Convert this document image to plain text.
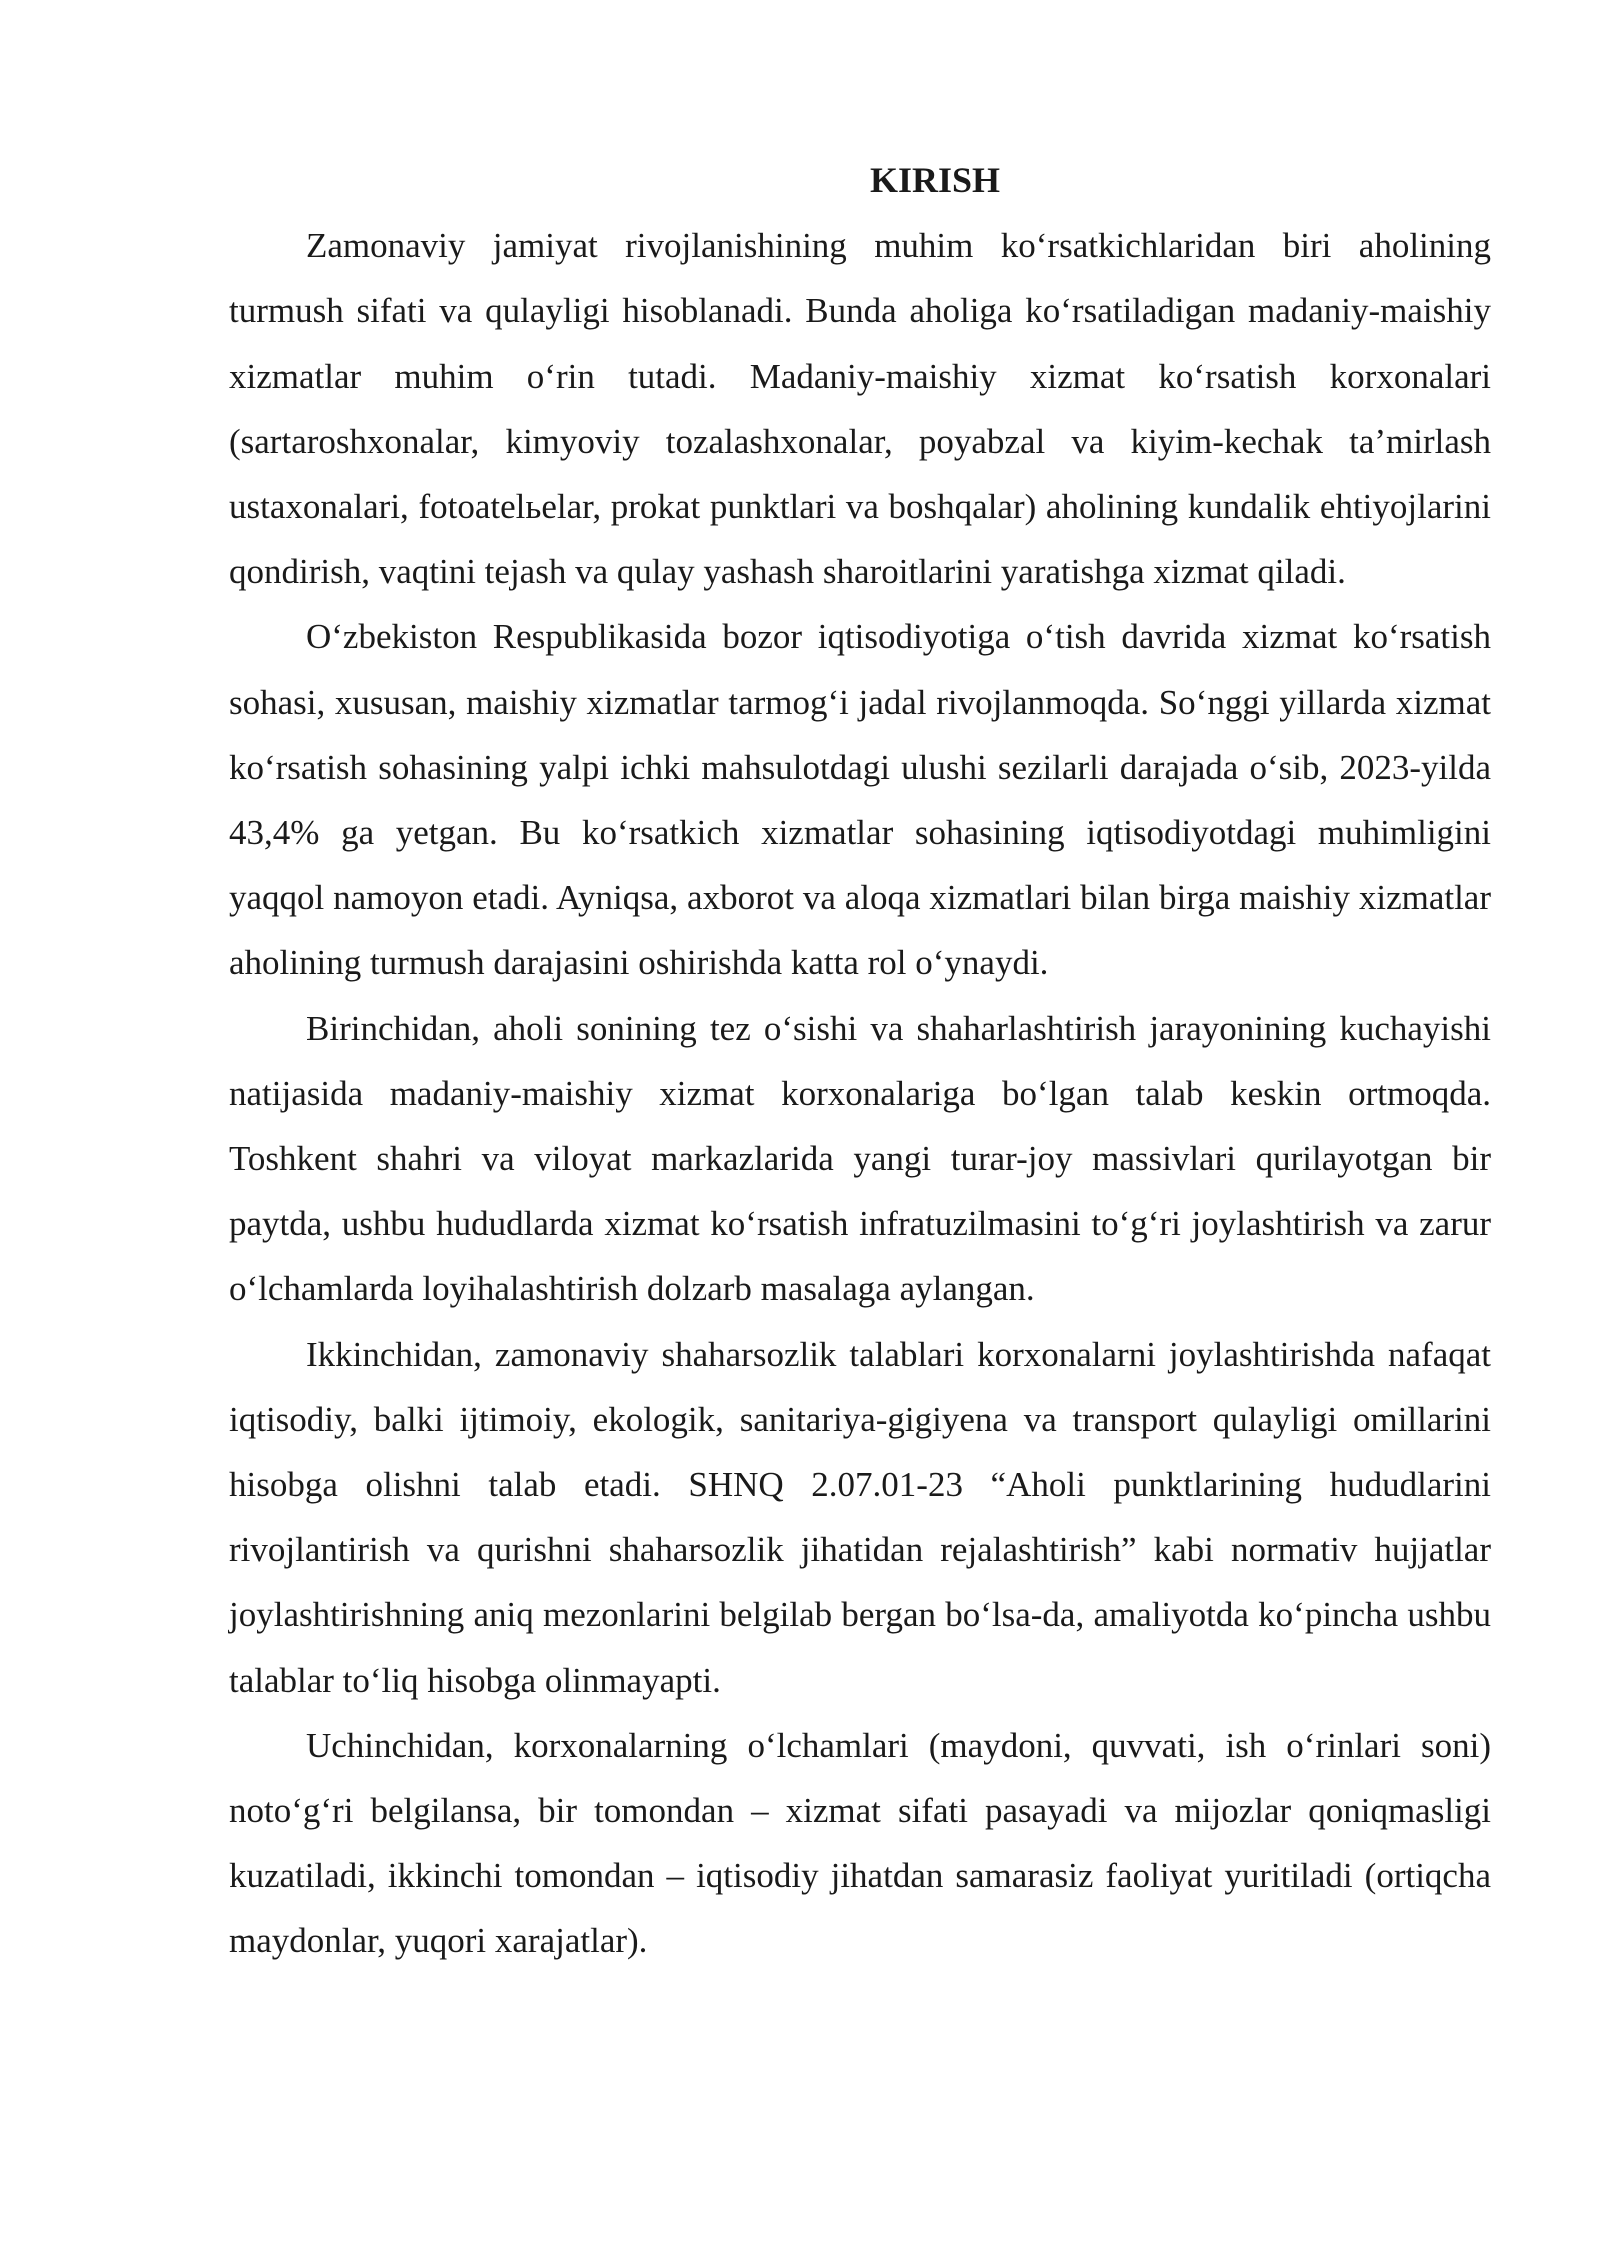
KIRISH

Zamonaviy jamiyat rivojlanishining muhim ko‘rsatkichlaridan biri aholining turmush sifati va qulayligi hisoblanadi. Bunda aholiga ko‘rsatiladigan madaniy-maishiy xizmatlar muhim o‘rin tutadi. Madaniy-maishiy xizmat ko‘rsatish korxonalari (sartaroshxonalar, kimyoviy tozalashxonalar, poyabzal va kiyim-kechak ta’mirlash ustaxonalari, fotoatelьelar, prokat punktlari va boshqalar) aholining kundalik ehtiyojlarini qondirish, vaqtini tejash va qulay yashash sharoitlarini yaratishga xizmat qiladi.

O‘zbekiston Respublikasida bozor iqtisodiyotiga o‘tish davrida xizmat ko‘rsatish sohasi, xususan, maishiy xizmatlar tarmog‘i jadal rivojlanmoqda. So‘nggi yillarda xizmat ko‘rsatish sohasining yalpi ichki mahsulotdagi ulushi sezilarli darajada o‘sib, 2023-yilda 43,4% ga yetgan. Bu ko‘rsatkich xizmatlar sohasining iqtisodiyotdagi muhimligini yaqqol namoyon etadi. Ayniqsa, axborot va aloqa xizmatlari bilan birga maishiy xizmatlar aholining turmush darajasini oshirishda katta rol o‘ynaydi.

Birinchidan, aholi sonining tez o‘sishi va shaharlashtirish jarayonining kuchayishi natijasida madaniy-maishiy xizmat korxonalariga bo‘lgan talab keskin ortmoqda. Toshkent shahri va viloyat markazlarida yangi turar-joy massivlari qurilayotgan bir paytda, ushbu hududlarda xizmat ko‘rsatish infratuzilmasini to‘g‘ri joylashtirish va zarur o‘lchamlarda loyihalashtirish dolzarb masalaga aylangan.

Ikkinchidan, zamonaviy shaharsozlik talablari korxonalarni joylashtirishda nafaqat iqtisodiy, balki ijtimoiy, ekologik, sanitariya-gigiyena va transport qulayligi omillarini hisobga olishni talab etadi. SHNQ 2.07.01-23 “Aholi punktlarining hududlarini rivojlantirish va qurishni shaharsozlik jihatidan rejalashtirish” kabi normativ hujjatlar joylashtirishning aniq mezonlarini belgilab bergan bo‘lsa-da, amaliyotda ko‘pincha ushbu talablar to‘liq hisobga olinmayapti.

Uchinchidan, korxonalarning o‘lchamlari (maydoni, quvvati, ish o‘rinlari soni) noto‘g‘ri belgilansa, bir tomondan – xizmat sifati pasayadi va mijozlar qoniqmasligi kuzatiladi, ikkinchi tomondan – iqtisodiy jihatdan samarasiz faoliyat yuritiladi (ortiqcha maydonlar, yuqori xarajatlar).
